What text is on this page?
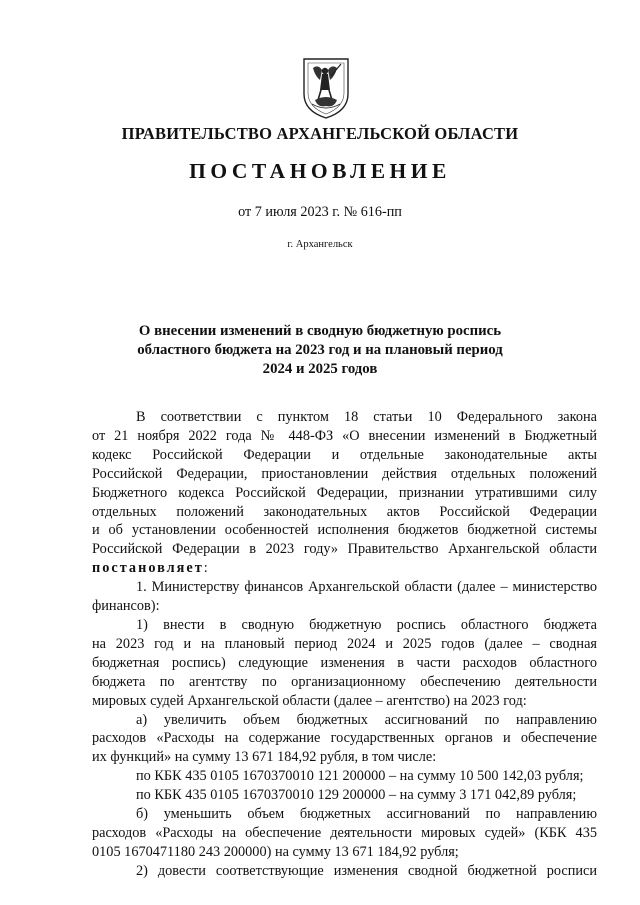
ПРАВИТЕЛЬСТВО АРХАНГЕЛЬСКОЙ ОБЛАСТИ
ПОСТАНОВЛЕНИЕ
от 7 июля 2023 г. № 616-пп
г. Архангельск
О внесении изменений в сводную бюджетную роспись
областного бюджета на 2023 год и на плановый период
2024 и 2025 годов
В соответствии с пунктом 18 статьи 10 Федерального закона
от 21 ноября 2022 года № 448-ФЗ «О внесении изменений в Бюджетный
кодекс Российской Федерации и отдельные законодательные акты
Российской Федерации, приостановлении действия отдельных положений
Бюджетного кодекса Российской Федерации, признании утратившими силу
отдельных положений законодательных актов Российской Федерации
и об установлении особенностей исполнения бюджетов бюджетной системы
Российской Федерации в 2023 году» Правительство Архангельской области
постановляет:
1. Министерству финансов Архангельской области (далее – министерство
финансов):
1) внести в сводную бюджетную роспись областного бюджета
на 2023 год и на плановый период 2024 и 2025 годов (далее – сводная
бюджетная роспись) следующие изменения в части расходов областного
бюджета по агентству по организационному обеспечению деятельности
мировых судей Архангельской области (далее – агентство) на 2023 год:
а) увеличить объем бюджетных ассигнований по направлению
расходов «Расходы на содержание государственных органов и обеспечение
их функций» на сумму 13 671 184,92 рубля, в том числе:
по КБК 435 0105 1670370010 121 200000 – на сумму 10 500 142,03 рубля;
по КБК 435 0105 1670370010 129 200000 – на сумму 3 171 042,89 рубля;
б) уменьшить объем бюджетных ассигнований по направлению
расходов «Расходы на обеспечение деятельности мировых судей» (КБК 435
0105 1670471180 243 200000) на сумму 13 671 184,92 рубля;
2) довести соответствующие изменения сводной бюджетной росписи
